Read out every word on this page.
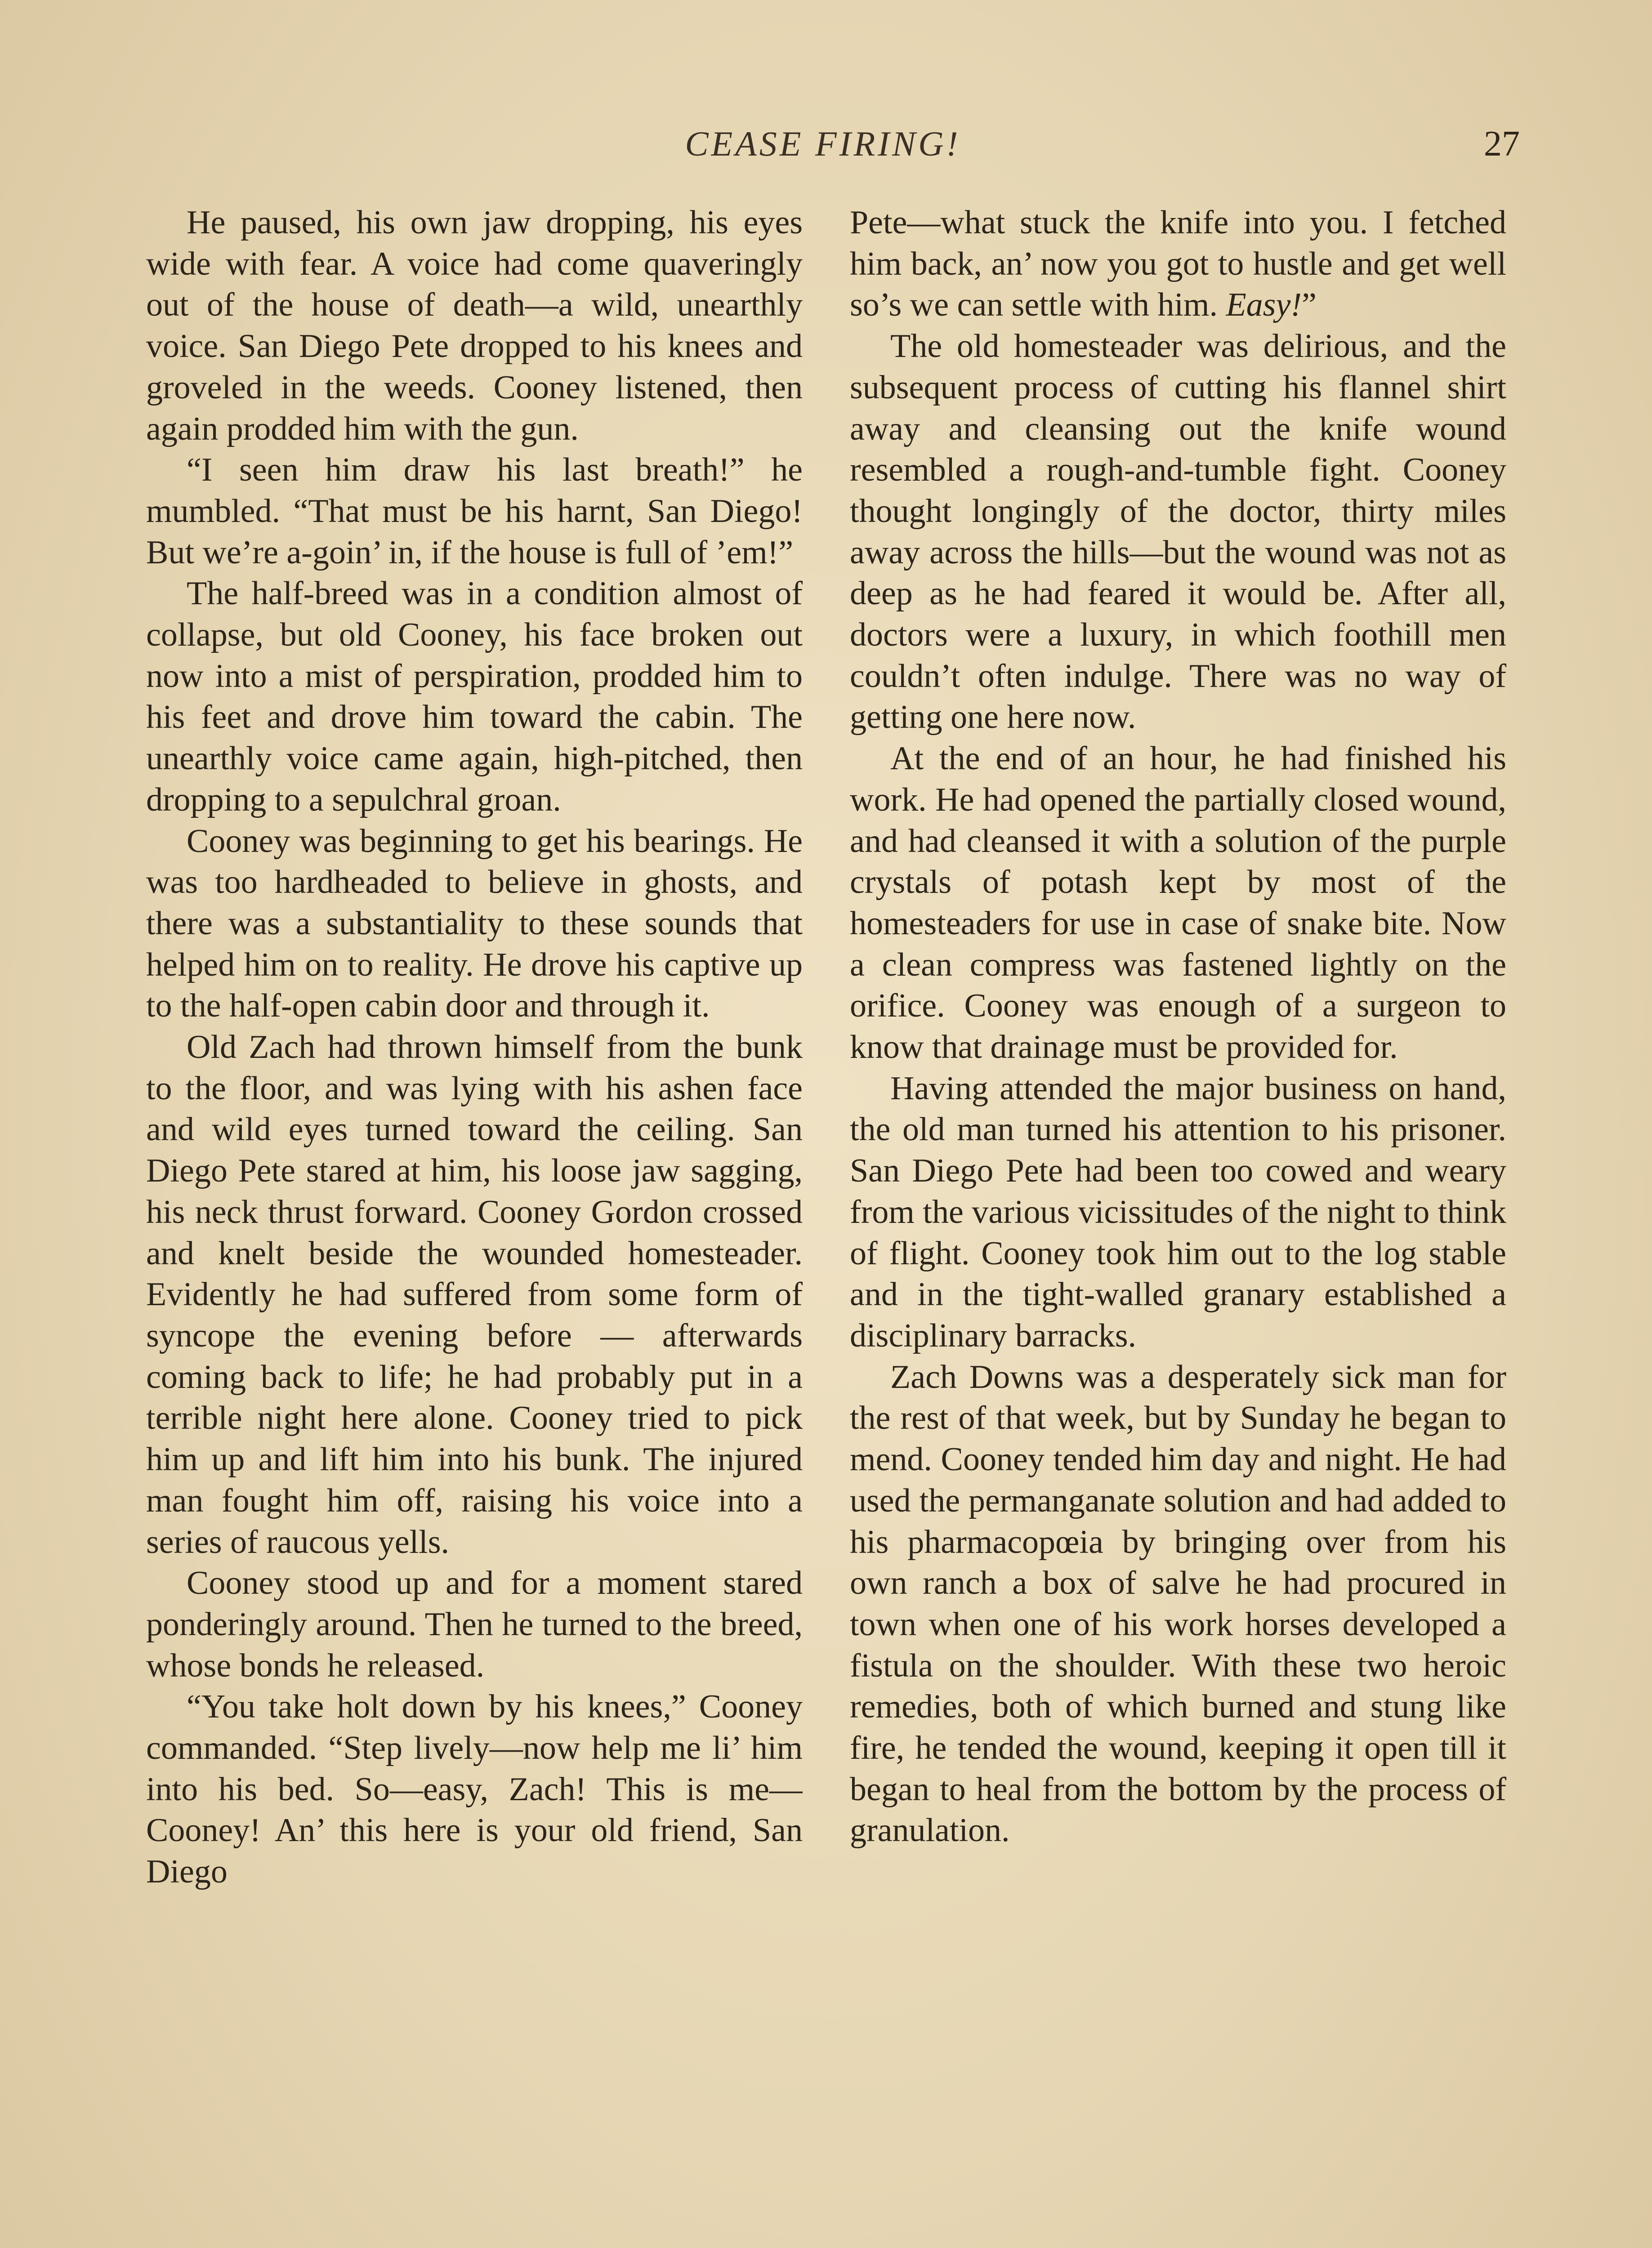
CEASE FIRING!	27

He paused, his own jaw dropping, his eyes wide with fear. A voice had come quaveringly out of the house of death—a wild, unearthly voice. San Diego Pete dropped to his knees and groveled in the weeds. Cooney listened, then again prodded him with the gun.

“I seen him draw his last breath!” he mumbled. “That must be his harnt, San Diego! But we’re a-goin’ in, if the house is full of ’em!”

The half-breed was in a condition almost of collapse, but old Cooney, his face broken out now into a mist of perspiration, prodded him to his feet and drove him toward the cabin. The unearthly voice came again, high-pitched, then dropping to a sepulchral groan.

Cooney was beginning to get his bearings. He was too hardheaded to believe in ghosts, and there was a substantiality to these sounds that helped him on to reality. He drove his captive up to the half-open cabin door and through it.

Old Zach had thrown himself from the bunk to the floor, and was lying with his ashen face and wild eyes turned toward the ceiling. San Diego Pete stared at him, his loose jaw sagging, his neck thrust forward. Cooney Gordon crossed and knelt beside the wounded homesteader. Evidently he had suffered from some form of syncope the evening before — afterwards coming back to life; he had probably put in a terrible night here alone. Cooney tried to pick him up and lift him into his bunk. The injured man fought him off, raising his voice into a series of raucous yells.

Cooney stood up and for a moment stared ponderingly around. Then he turned to the breed, whose bonds he released.

“You take holt down by his knees,” Cooney commanded. “Step lively—now help me li’ him into his bed. So—easy, Zach! This is me—Cooney! An’ this here is your old friend, San Diego

Pete—what stuck the knife into you. I fetched him back, an’ now you got to hustle and get well so’s we can settle with him. Easy!”

The old homesteader was delirious, and the subsequent process of cutting his flannel shirt away and cleansing out the knife wound resembled a rough-and-tumble fight. Cooney thought longingly of the doctor, thirty miles away across the hills—but the wound was not as deep as he had feared it would be. After all, doctors were a luxury, in which foothill men couldn’t often indulge. There was no way of getting one here now.

At the end of an hour, he had finished his work. He had opened the partially closed wound, and had cleansed it with a solution of the purple crystals of potash kept by most of the homesteaders for use in case of snake bite. Now a clean compress was fastened lightly on the orifice. Cooney was enough of a surgeon to know that drainage must be provided for.

Having attended the major business on hand, the old man turned his attention to his prisoner. San Diego Pete had been too cowed and weary from the various vicissitudes of the night to think of flight. Cooney took him out to the log stable and in the tight-walled granary established a disciplinary barracks.

Zach Downs was a desperately sick man for the rest of that week, but by Sunday he began to mend. Cooney tended him day and night. He had used the permanganate solution and had added to his pharmacopœia by bringing over from his own ranch a box of salve he had procured in town when one of his work horses developed a fistula on the shoulder. With these two heroic remedies, both of which burned and stung like fire, he tended the wound, keeping it open till it began to heal from the bottom by the process of granulation.
